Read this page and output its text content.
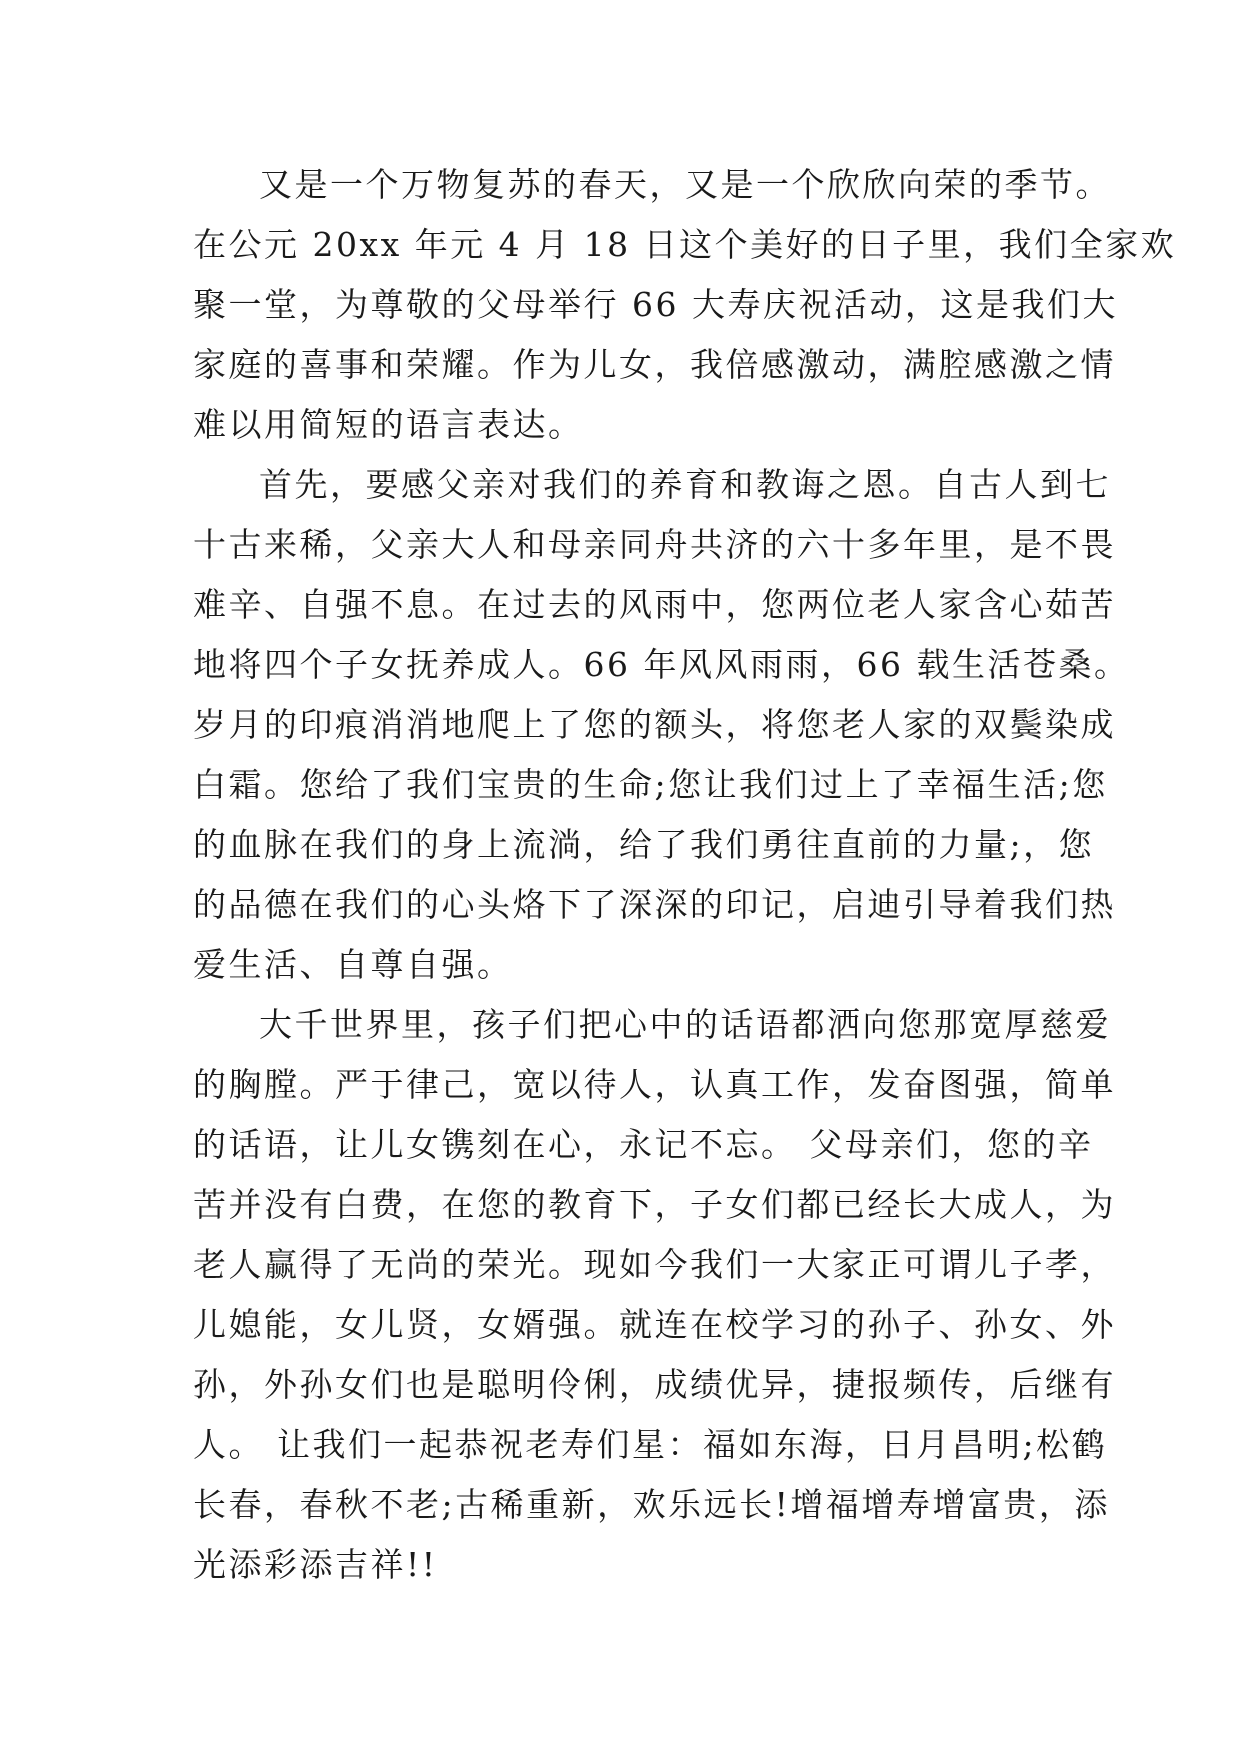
又是一个万物复苏的春天，又是一个欣欣向荣的季节。
在公元 20xx 年元 4 月 18 日这个美好的日子里，我们全家欢
聚一堂，为尊敬的父母举行 66 大寿庆祝活动，这是我们大
家庭的喜事和荣耀。作为儿女，我倍感激动，满腔感激之情
难以用简短的语言表达。
首先，要感父亲对我们的养育和教诲之恩。自古人到七
十古来稀，父亲大人和母亲同舟共济的六十多年里，是不畏
难辛、自强不息。在过去的风雨中，您两位老人家含心茹苦
地将四个子女抚养成人。66 年风风雨雨，66 载生活苍桑。
岁月的印痕消消地爬上了您的额头，将您老人家的双鬓染成
白霜。您给了我们宝贵的生命;您让我们过上了幸福生活;您
的血脉在我们的身上流淌，给了我们勇往直前的力量;，您
的品德在我们的心头烙下了深深的印记，启迪引导着我们热
爱生活、自尊自强。
大千世界里，孩子们把心中的话语都洒向您那宽厚慈爱
的胸膛。严于律己，宽以待人，认真工作，发奋图强，简单
的话语，让儿女镌刻在心，永记不忘。 父母亲们，您的辛
苦并没有白费，在您的教育下，子女们都已经长大成人，为
老人赢得了无尚的荣光。现如今我们一大家正可谓儿子孝，
儿媳能，女儿贤，女婿强。就连在校学习的孙子、孙女、外
孙，外孙女们也是聪明伶俐，成绩优异，捷报频传，后继有
人。 让我们一起恭祝老寿们星：福如东海，日月昌明;松鹤
长春，春秋不老;古稀重新，欢乐远长!增福增寿增富贵，添
光添彩添吉祥!!
